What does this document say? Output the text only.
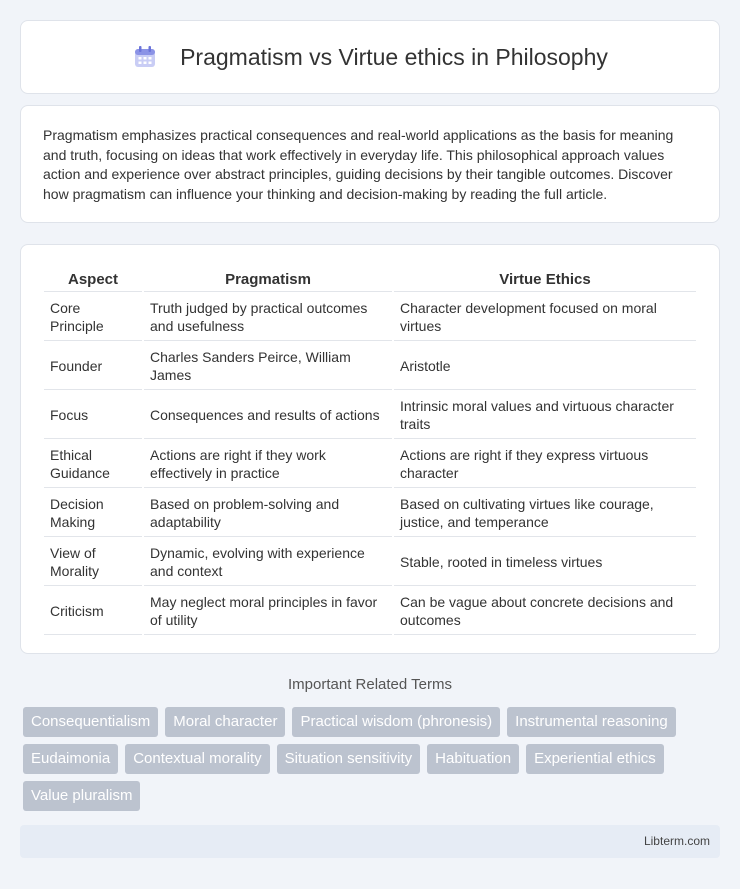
Pragmatism vs Virtue ethics in Philosophy

Pragmatism emphasizes practical consequences and real-world applications as the basis for meaning and truth, focusing on ideas that work effectively in everyday life. This philosophical approach values action and experience over abstract principles, guiding decisions by their tangible outcomes. Discover how pragmatism can influence your thinking and decision-making by reading the full article.

Aspect	Pragmatism	Virtue Ethics
Core Principle	Truth judged by practical outcomes and usefulness	Character development focused on moral virtues
Founder	Charles Sanders Peirce, William James	Aristotle
Focus	Consequences and results of actions	Intrinsic moral values and virtuous character traits
Ethical Guidance	Actions are right if they work effectively in practice	Actions are right if they express virtuous character
Decision Making	Based on problem-solving and adaptability	Based on cultivating virtues like courage, justice, and temperance
View of Morality	Dynamic, evolving with experience and context	Stable, rooted in timeless virtues
Criticism	May neglect moral principles in favor of utility	Can be vague about concrete decisions and outcomes
Important Related Terms
Consequentialism	Moral character	Practical wisdom (phronesis)	Instrumental reasoning
Eudaimonia	Contextual morality	Situation sensitivity	Habituation	Experiential ethics
Value pluralism
Libterm.com
